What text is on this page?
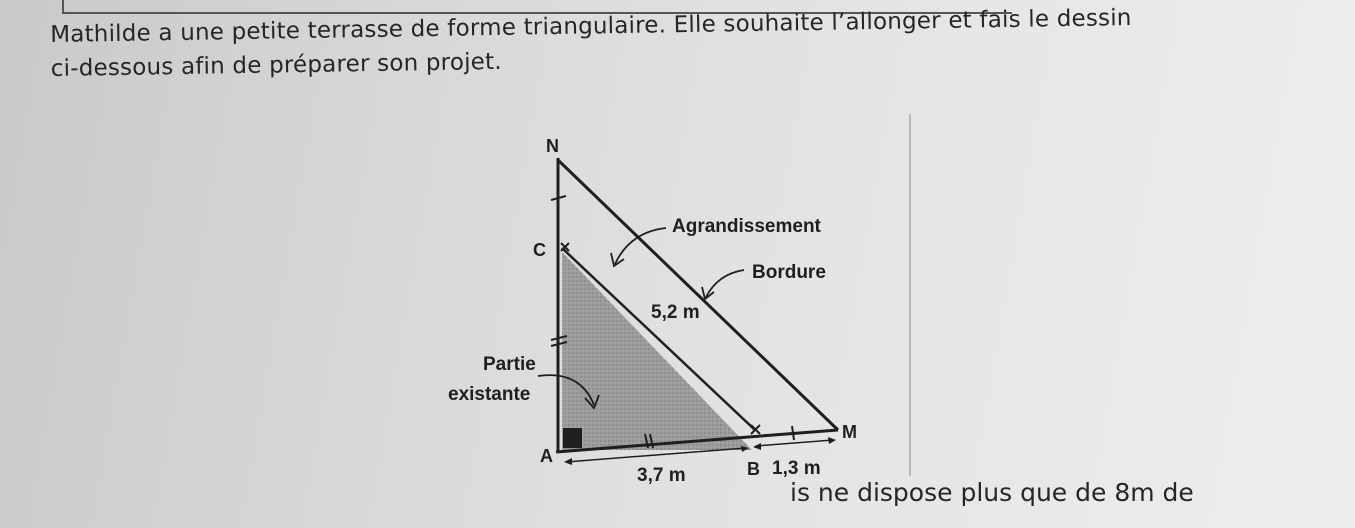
Mathilde a une petite terrasse de forme triangulaire. Elle souhaite l’allonger et fais le dessin
ci-dessous afin de préparer son projet.
N
C
A
B
M
Agrandissement
Bordure
Partie
existante
5,2 m
3,7 m	1,3 m
is ne dispose plus que de 8m de
